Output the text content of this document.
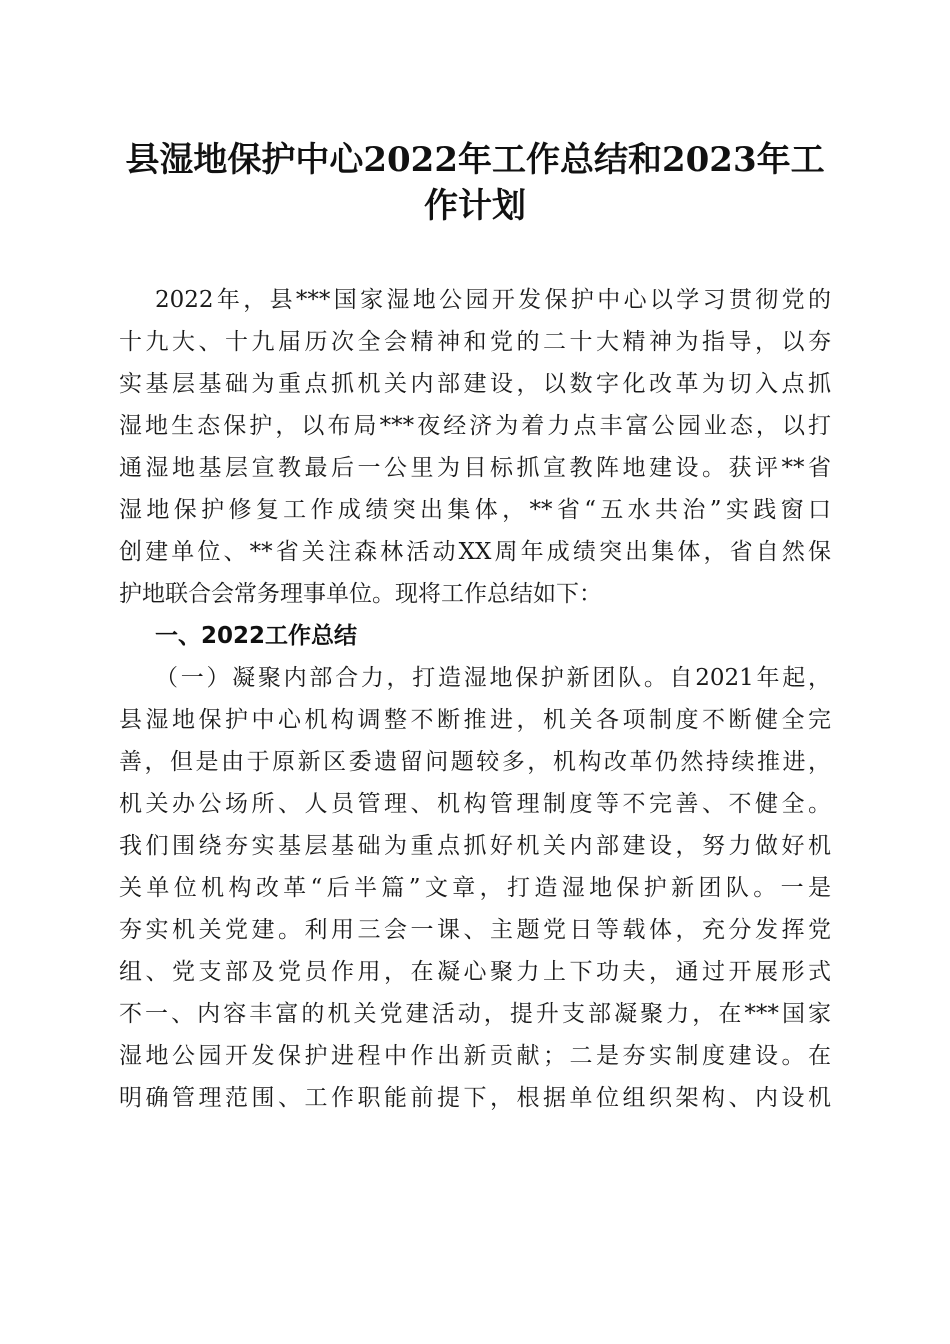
县湿地保护中心2022年工作总结和2023年工
作计划
2022年，县***国家湿地公园开发保护中心以学习贯彻党的
十九大、十九届历次全会精神和党的二十大精神为指导，以夯
实基层基础为重点抓机关内部建设，以数字化改革为切入点抓
湿地生态保护，以布局***夜经济为着力点丰富公园业态，以打
通湿地基层宣教最后一公里为目标抓宣教阵地建设。获评**省
湿地保护修复工作成绩突出集体，**省“五水共治”实践窗口
创建单位、**省关注森林活动XX周年成绩突出集体，省自然保
护地联合会常务理事单位。现将工作总结如下：
一、2022工作总结
（一）凝聚内部合力，打造湿地保护新团队。自2021年起，
县湿地保护中心机构调整不断推进，机关各项制度不断健全完
善，但是由于原新区委遗留问题较多，机构改革仍然持续推进，
机关办公场所、人员管理、机构管理制度等不完善、不健全。
我们围绕夯实基层基础为重点抓好机关内部建设，努力做好机
关单位机构改革“后半篇”文章，打造湿地保护新团队。一是
夯实机关党建。利用三会一课、主题党日等载体，充分发挥党
组、党支部及党员作用，在凝心聚力上下功夫，通过开展形式
不一、内容丰富的机关党建活动，提升支部凝聚力，在***国家
湿地公园开发保护进程中作出新贡献；二是夯实制度建设。在
明确管理范围、工作职能前提下，根据单位组织架构、内设机
